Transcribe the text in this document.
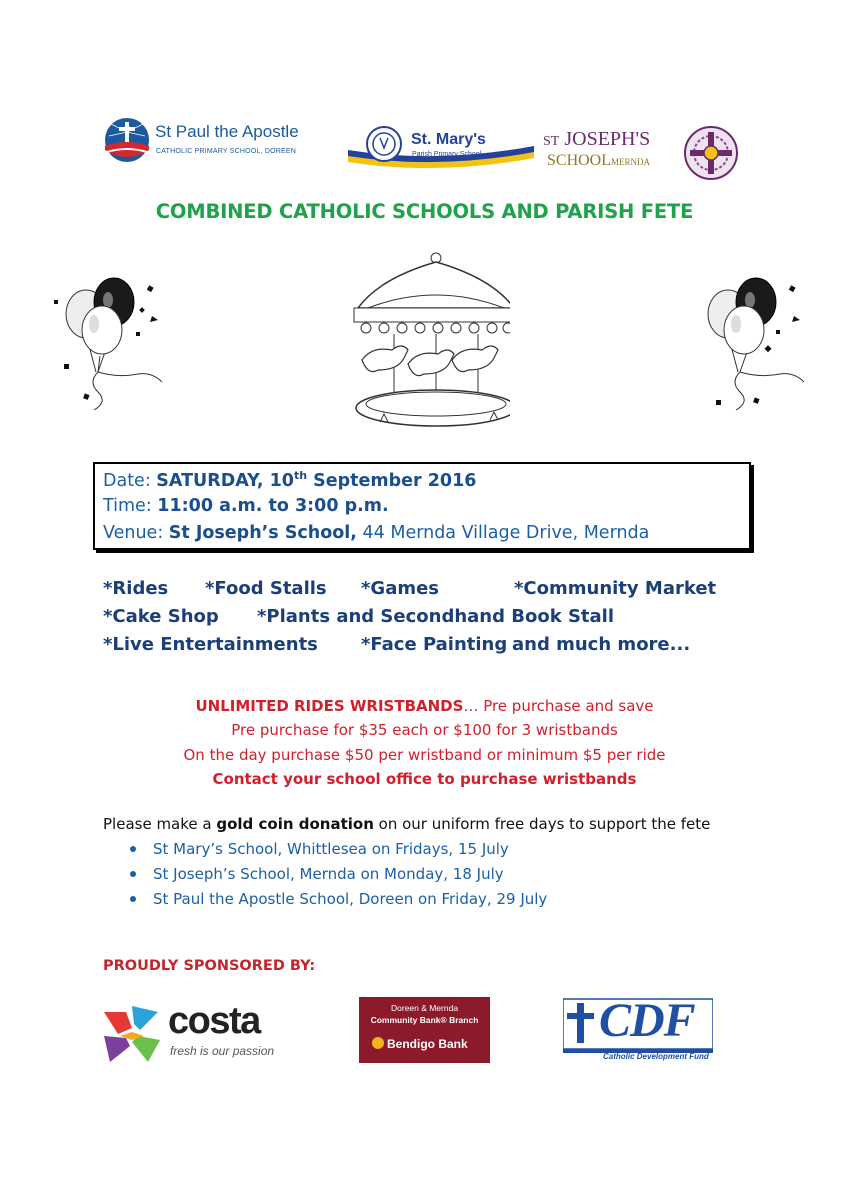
St Paul the Apostle
CATHOLIC PRIMARY SCHOOL, DOREEN
St. Mary's
Parish Primary School
st JOSEPH'S
SCHOOLMERNDA
COMBINED CATHOLIC SCHOOLS AND PARISH FETE
Date: SATURDAY, 10th September 2016
Time: 11:00 a.m. to 3:00 p.m.
Venue: St Joseph’s School, 44 Mernda Village Drive, Mernda
*Rides *Food Stalls *Games	*Community Market
*Cake Shop *Plants and Secondhand Book Stall
*Live Entertainments *Face Painting and much more...
UNLIMITED RIDES WRISTBANDS… Pre purchase and save
Pre purchase for $35 each or $100 for 3 wristbands
On the day purchase $50 per wristband or minimum $5 per ride
Contact your school office to purchase wristbands
Please make a gold coin donation on our uniform free days to support the fete
St Mary’s School, Whittlesea on Fridays, 15 July
St Joseph’s School, Mernda on Monday, 18 July
St Paul the Apostle School, Doreen on Friday, 29 July
PROUDLY SPONSORED BY:
costa
fresh is our passion
Doreen & Mernda
Community Bank® Branch
Bendigo Bank	CDF
Catholic Development Fund
